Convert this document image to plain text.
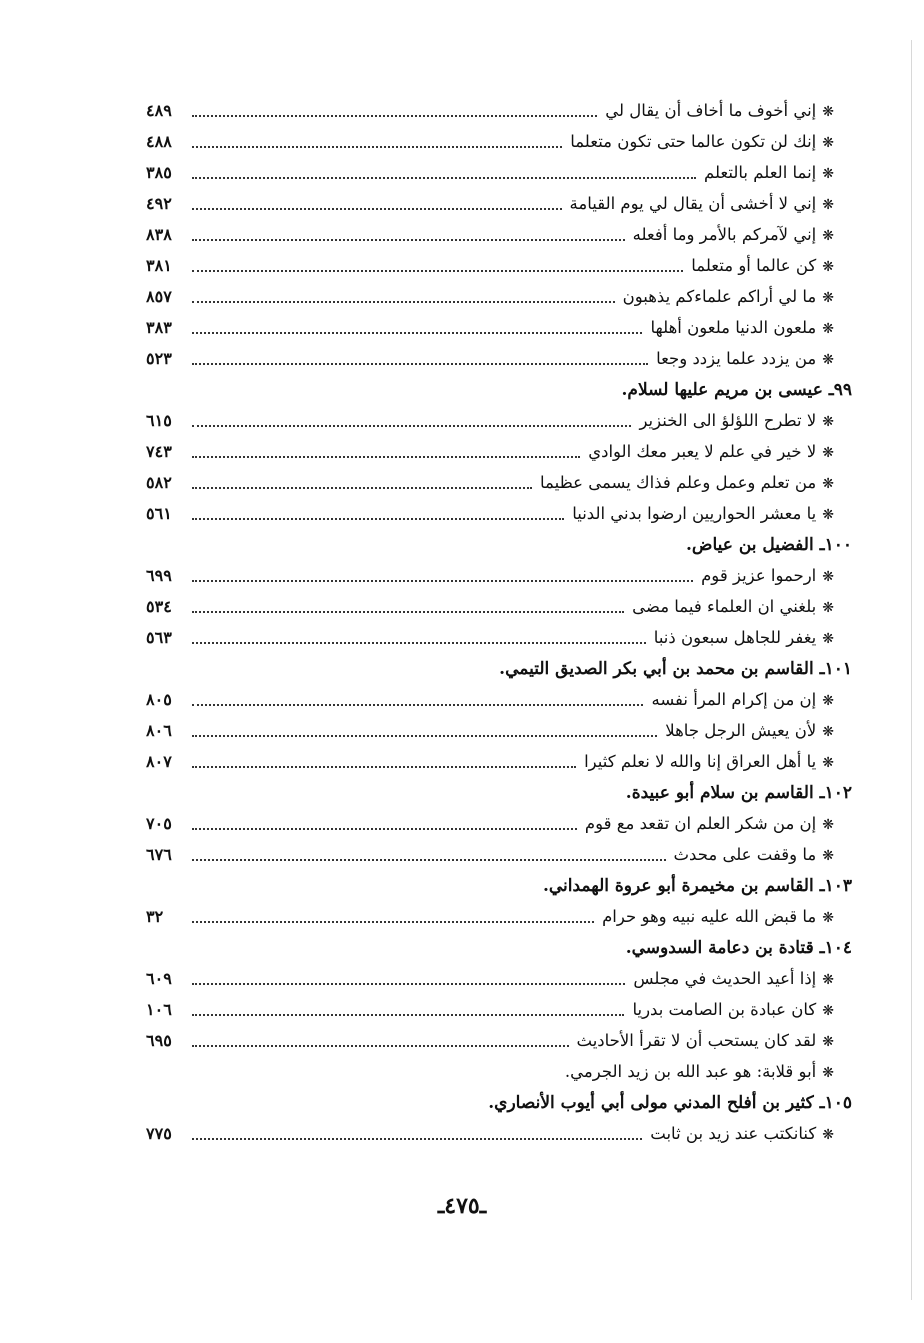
❋إني أخوف ما أخاف أن يقال لي
٤٨٩
❋إنك لن تكون عالما حتى تكون متعلما
٤٨٨
❋إنما العلم بالتعلم
٣٨٥
❋إني لا أخشى أن يقال لي يوم القيامة
٤٩٢
❋إني لآمركم بالأمر وما أفعله
٨٣٨
❋كن عالما أو متعلما
٣٨١
❋ما لي أراكم علماءكم يذهبون
٨٥٧
❋ملعون الدنيا ملعون أهلها
٣٨٣
❋من يزدد علما يزدد وجعا
٥٢٣
٩٩ـ عيسى بن مريم عليها لسلام.
❋لا تطرح اللؤلؤ الى الخنزير
٦١٥
❋لا خير في علم لا يعبر معك الوادي
٧٤٣
❋من تعلم وعمل وعلم فذاك يسمى عظيما
٥٨٢
❋يا معشر الحواريين ارضوا بدني الدنيا
٥٦١
١٠٠ـ الفضيل بن عياض.
❋ارحموا عزيز قوم
٦٩٩
❋بلغني ان العلماء فيما مضى
٥٣٤
❋يغفر للجاهل سبعون ذنبا
٥٦٣
١٠١ـ القاسم بن محمد بن أبي بكر الصديق التيمي.
❋إن من إكرام المرأ نفسه
٨٠٥
❋لأن يعيش الرجل جاهلا
٨٠٦
❋يا أهل العراق إنا والله لا نعلم كثيرا
٨٠٧
١٠٢ـ القاسم بن سلام أبو عبيدة.
❋إن من شكر العلم ان تقعد مع قوم
٧٠٥
❋ما وقفت على محدث
٦٧٦
١٠٣ـ القاسم بن مخيمرة أبو عروة الهمداني.
❋ما قبض الله عليه نبيه وهو حرام
٣٢
١٠٤ـ قتادة بن دعامة السدوسي.
❋إذا أعيد الحديث في مجلس
٦٠٩
❋كان عبادة بن الصامت بدريا
١٠٦
❋لقد كان يستحب أن لا تقرأ الأحاديث
٦٩٥
❋أبو قلابة: هو عبد الله بن زيد الجرمي.
١٠٥ـ كثير بن أفلح المدني مولى أبي أيوب الأنصاري.
❋كنانكتب عند زيد بن ثابت
٧٧٥
ـ٤٧٥ـ
